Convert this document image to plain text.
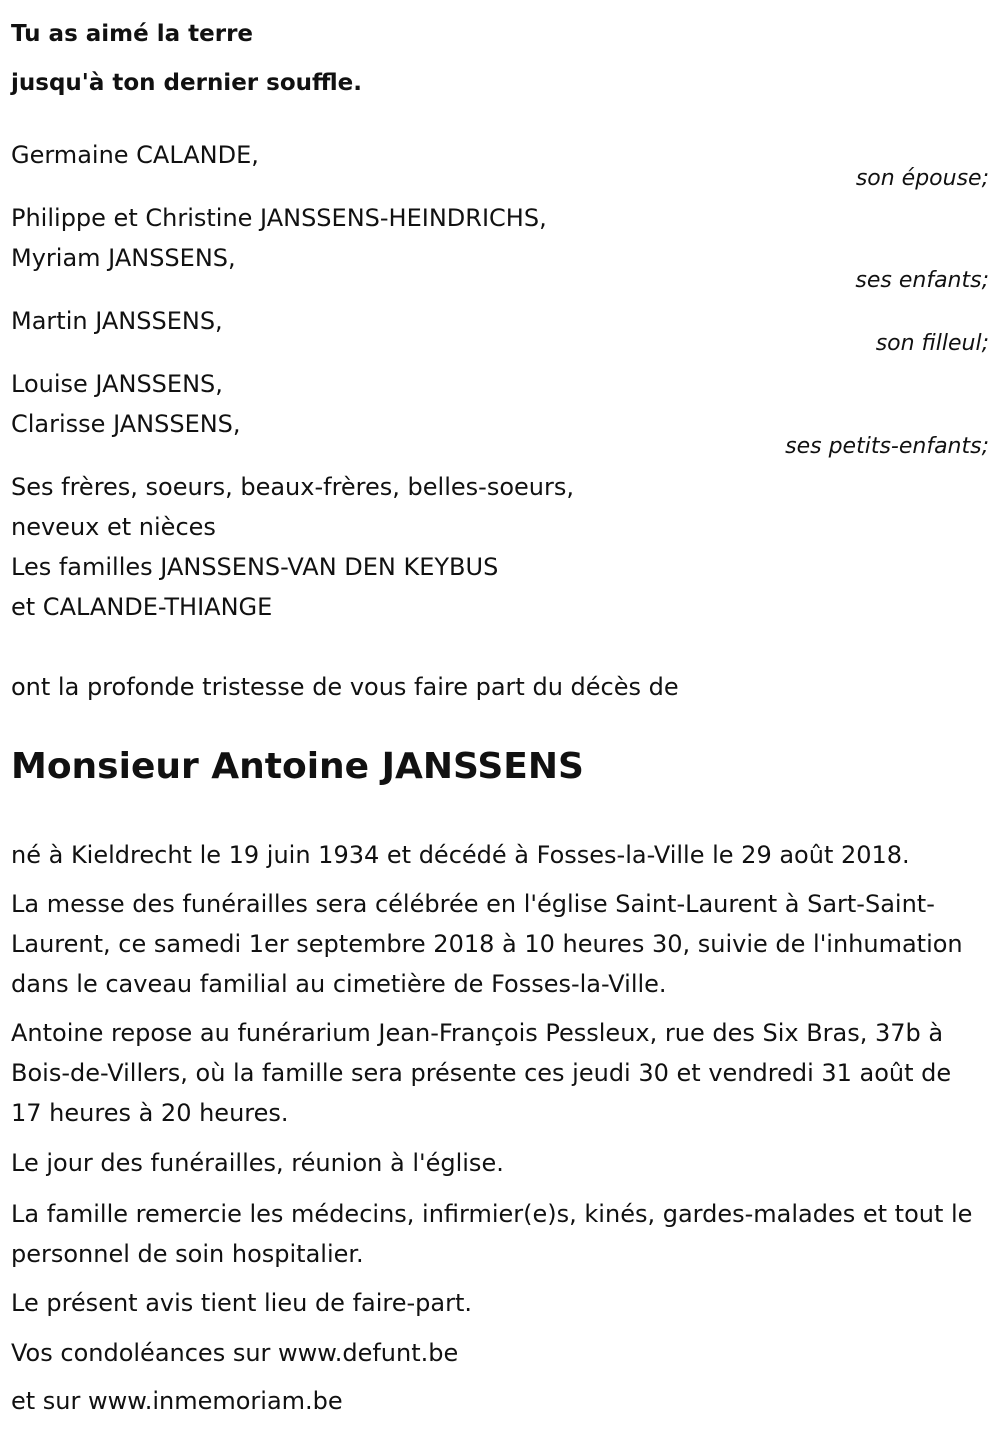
Tu as aimé la terre
jusqu'à ton dernier souffle.
Germaine CALANDE,
son épouse;
Philippe et Christine JANSSENS-HEINDRICHS,
Myriam JANSSENS,
ses enfants;
Martin JANSSENS,
son filleul;
Louise JANSSENS,
Clarisse JANSSENS,
ses petits-enfants;
Ses frères, soeurs, beaux-frères, belles-soeurs,
neveux et nièces
Les familles JANSSENS-VAN DEN KEYBUS
et CALANDE-THIANGE
ont la profonde tristesse de vous faire part du décès de
Monsieur Antoine JANSSENS
né à Kieldrecht le 19 juin 1934 et décédé à Fosses-la-Ville le 29 août 2018.
La messe des funérailles sera célébrée en l'église Saint-Laurent à Sart-Saint-Laurent, ce samedi 1er septembre 2018 à 10 heures 30, suivie de l'inhumation dans le caveau familial au cimetière de Fosses-la-Ville.
Antoine repose au funérarium Jean-François Pessleux, rue des Six Bras, 37b à Bois-de-Villers, où la famille sera présente ces jeudi 30 et vendredi 31 août de 17 heures à 20 heures.
Le jour des funérailles, réunion à l'église.
La famille remercie les médecins, infirmier(e)s, kinés, gardes-malades et tout le personnel de soin hospitalier.
Le présent avis tient lieu de faire-part.
Vos condoléances sur www.defunt.be
et sur www.inmemoriam.be
